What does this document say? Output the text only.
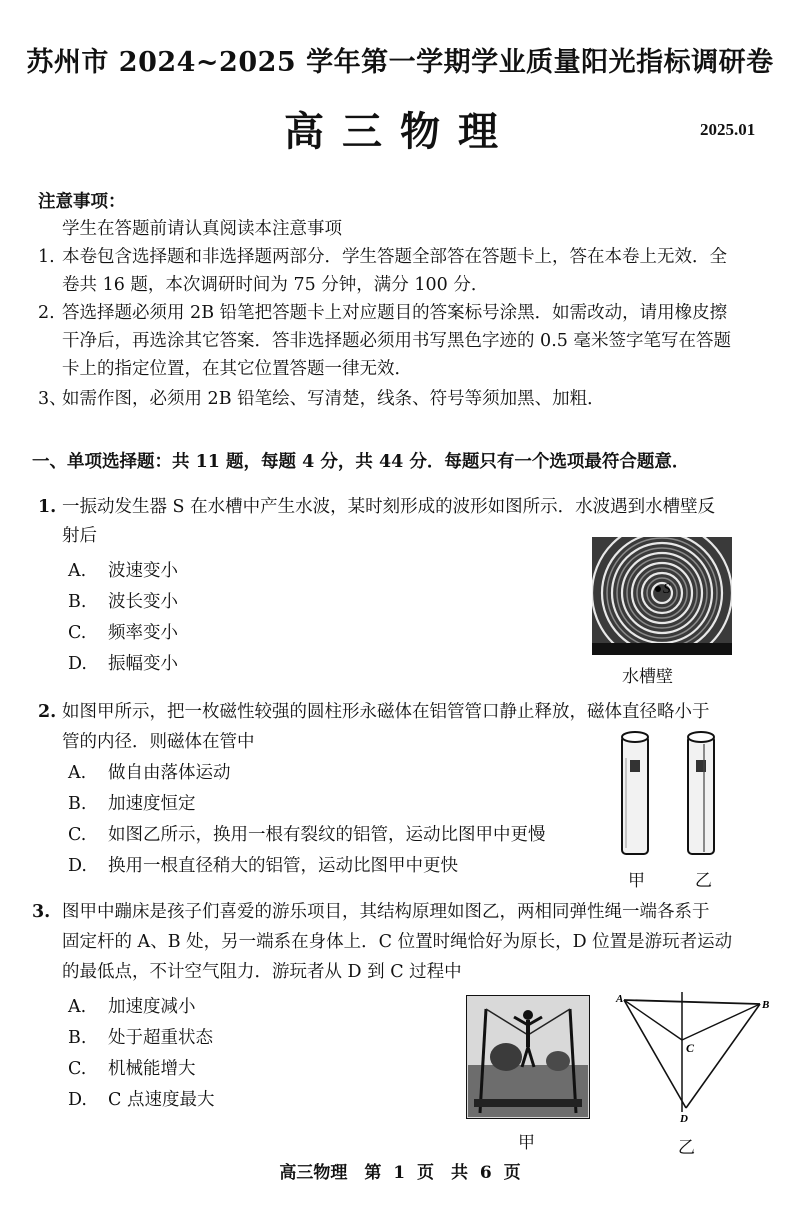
苏州市 2024~2025 学年第一学期学业质量阳光指标调研卷
高三物理	2025.01
注意事项：
学生在答题前请认真阅读本注意事项
1. 本卷包含选择题和非选择题两部分．学生答题全部答在答题卡上，答在本卷上无效．全
卷共 16 题，本次调研时间为 75 分钟，满分 100 分．
2. 答选择题必须用 2B 铅笔把答题卡上对应题目的答案标号涂黑．如需改动，请用橡皮擦
干净后，再选涂其它答案．答非选择题必须用书写黑色字迹的 0.5 毫米签字笔写在答题
卡上的指定位置，在其它位置答题一律无效．
3、
如需作图，必须用 2B 铅笔绘、写清楚，线条、符号等须加黑、加粗．
一、单项选择题：共 11 题，每题 4 分，共 44 分．每题只有一个选项最符合题意．
1. 一振动发生器 S 在水槽中产生水波，某时刻形成的波形如图所示．水波遇到水槽壁反
射后
A. 波速变小
B. 波长变小
C. 频率变小
D. 振幅变小
S
水槽壁
2. 如图甲所示，把一枚磁性较强的圆柱形永磁体在铝管管口静止释放，磁体直径略小于
管的内径．则磁体在管中
A. 做自由落体运动
B. 加速度恒定
C. 如图乙所示，换用一根有裂纹的铝管，运动比图甲中更慢
D. 换用一根直径稍大的铝管，运动比图甲中更快
甲	乙
3. 图甲中蹦床是孩子们喜爱的游乐项目，其结构原理如图乙，两相同弹性绳一端各系于
固定杆的 A、B 处，另一端系在身体上．C 位置时绳恰好为原长，D 位置是游玩者运动
的最低点，不计空气阻力．游玩者从 D 到 C 过程中
A. 加速度减小
B. 处于超重状态
C. 机械能增大
D. C 点速度最大
甲
A	B
C
D
乙
高三物理　第 1 页　共 6 页
